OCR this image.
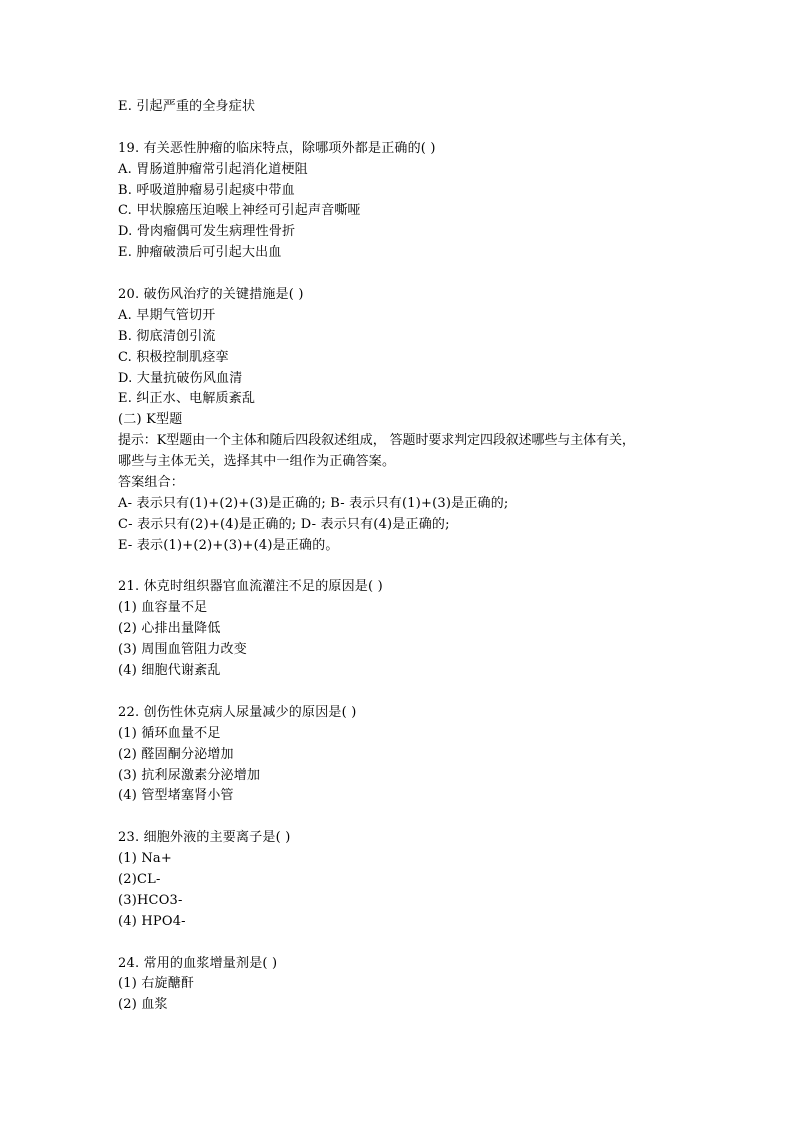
E. 引起严重的全身症状
19. 有关恶性肿瘤的临床特点，除哪项外都是正确的( )
A. 胃肠道肿瘤常引起消化道梗阻
B. 呼吸道肿瘤易引起痰中带血
C. 甲状腺癌压迫喉上神经可引起声音嘶哑
D. 骨肉瘤偶可发生病理性骨折
E. 肿瘤破溃后可引起大出血
20. 破伤风治疗的关键措施是( )
A. 早期气管切开
B. 彻底清创引流
C. 积极控制肌痉挛
D. 大量抗破伤风血清
E. 纠正水、电解质紊乱
(二) K型题
提示：K型题由一个主体和随后四段叙述组成， 答题时要求判定四段叙述哪些与主体有关，
哪些与主体无关，选择其中一组作为正确答案。
答案组合：
A- 表示只有(1)+(2)+(3)是正确的; B- 表示只有(1)+(3)是正确的;
C- 表示只有(2)+(4)是正确的; D- 表示只有(4)是正确的;
E- 表示(1)+(2)+(3)+(4)是正确的。
21. 休克时组织器官血流灌注不足的原因是( )
(1) 血容量不足
(2) 心排出量降低
(3) 周围血管阻力改变
(4) 细胞代谢紊乱
22. 创伤性休克病人尿量减少的原因是( )
(1) 循环血量不足
(2) 醛固酮分泌增加
(3) 抗利尿激素分泌增加
(4) 管型堵塞肾小管
23. 细胞外液的主要离子是( )
(1) Na+
(2)CL-
(3)HCO3-
(4) HPO4-
24. 常用的血浆增量剂是( )
(1) 右旋醣酐
(2) 血浆
